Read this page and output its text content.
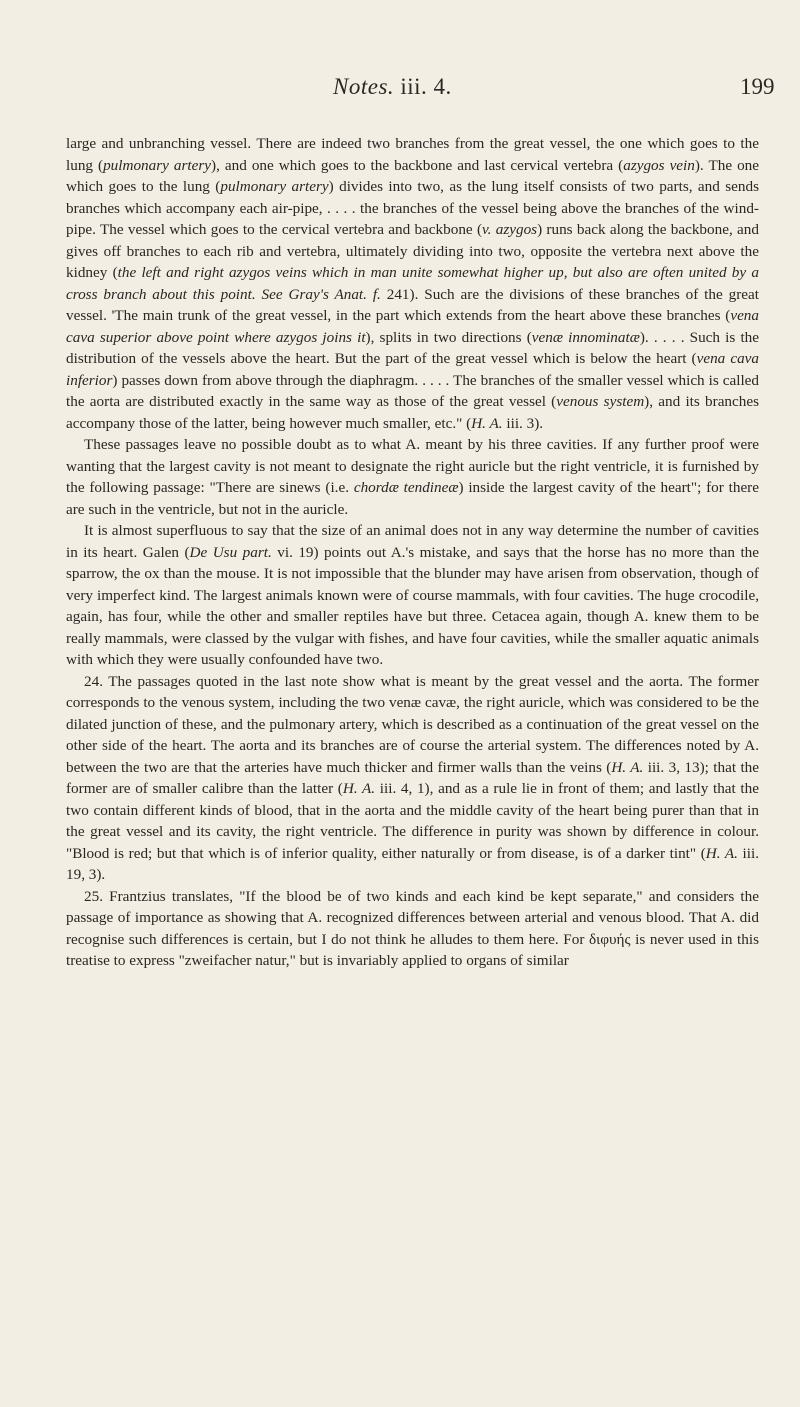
Notes. iii. 4.	199

large and unbranching vessel. There are indeed two branches from the great vessel, the one which goes to the lung (pulmonary artery), and one which goes to the backbone and last cervical vertebra (azygos vein). The one which goes to the lung (pulmonary artery) divides into two, as the lung itself consists of two parts, and sends branches which accompany each air-pipe, . . . . the branches of the vessel being above the branches of the wind-pipe. The vessel which goes to the cervical vertebra and backbone (v. azygos) runs back along the backbone, and gives off branches to each rib and vertebra, ultimately dividing into two, opposite the vertebra next above the kidney (the left and right azygos veins which in man unite somewhat higher up, but also are often united by a cross branch about this point. See Gray's Anat. f. 241). Such are the divisions of these branches of the great vessel. 'The main trunk of the great vessel, in the part which extends from the heart above these branches (vena cava superior above point where azygos joins it), splits in two directions (venæ innominatæ). . . . . Such is the distribution of the vessels above the heart. But the part of the great vessel which is below the heart (vena cava inferior) passes down from above through the diaphragm. . . . . The branches of the smaller vessel which is called the aorta are distributed exactly in the same way as those of the great vessel (venous system), and its branches accompany those of the latter, being however much smaller, etc." (H. A. iii. 3).

These passages leave no possible doubt as to what A. meant by his three cavities. If any further proof were wanting that the largest cavity is not meant to designate the right auricle but the right ventricle, it is furnished by the following passage: "There are sinews (i.e. chordæ tendineæ) inside the largest cavity of the heart"; for there are such in the ventricle, but not in the auricle.

It is almost superfluous to say that the size of an animal does not in any way determine the number of cavities in its heart. Galen (De Usu part. vi. 19) points out A.'s mistake, and says that the horse has no more than the sparrow, the ox than the mouse. It is not impossible that the blunder may have arisen from observation, though of very imperfect kind. The largest animals known were of course mammals, with four cavities. The huge crocodile, again, has four, while the other and smaller reptiles have but three. Cetacea again, though A. knew them to be really mammals, were classed by the vulgar with fishes, and have four cavities, while the smaller aquatic animals with which they were usually confounded have two.

24. The passages quoted in the last note show what is meant by the great vessel and the aorta. The former corresponds to the venous system, including the two venæ cavæ, the right auricle, which was considered to be the dilated junction of these, and the pulmonary artery, which is described as a continuation of the great vessel on the other side of the heart. The aorta and its branches are of course the arterial system. The differences noted by A. between the two are that the arteries have much thicker and firmer walls than the veins (H. A. iii. 3, 13); that the former are of smaller calibre than the latter (H. A. iii. 4, 1), and as a rule lie in front of them; and lastly that the two contain different kinds of blood, that in the aorta and the middle cavity of the heart being purer than that in the great vessel and its cavity, the right ventricle. The difference in purity was shown by difference in colour. "Blood is red; but that which is of inferior quality, either naturally or from disease, is of a darker tint" (H. A. iii. 19, 3).

25. Frantzius translates, "If the blood be of two kinds and each kind be kept separate," and considers the passage of importance as showing that A. recognized differences between arterial and venous blood. That A. did recognise such differences is certain, but I do not think he alludes to them here. For διφυής is never used in this treatise to express "zweifacher natur," but is invariably applied to organs of similar
